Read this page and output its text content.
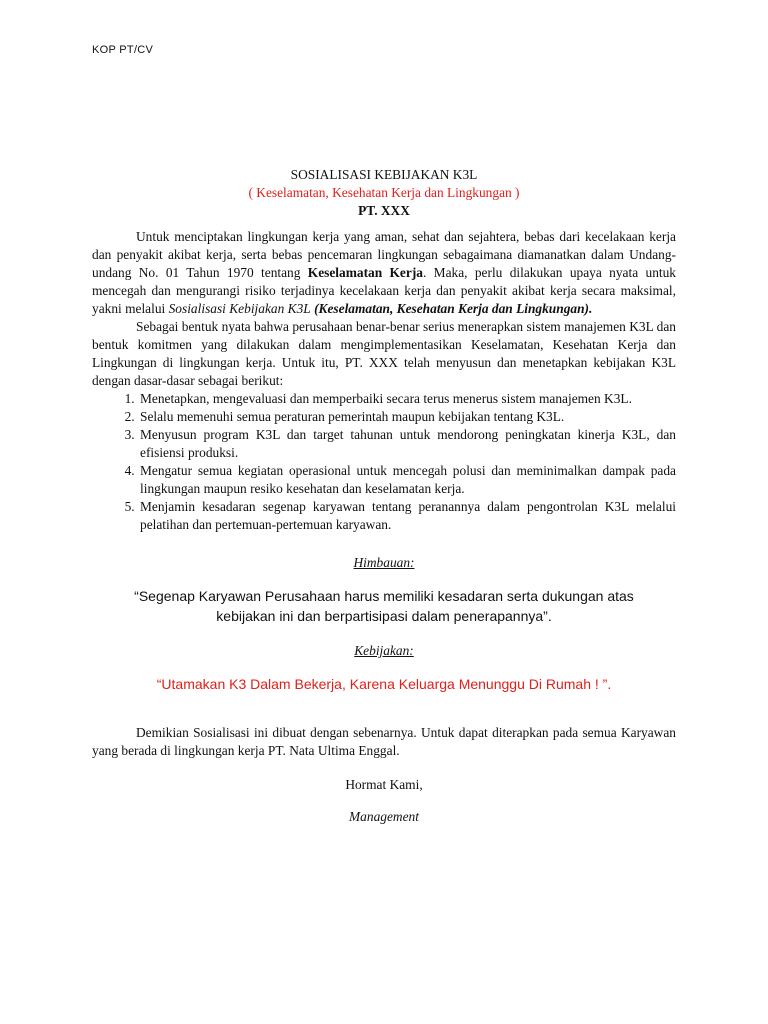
KOP PT/CV
SOSIALISASI KEBIJAKAN K3L
( Keselamatan, Kesehatan Kerja dan Lingkungan )
PT. XXX

Untuk menciptakan lingkungan kerja yang aman, sehat dan sejahtera, bebas dari kecelakaan kerja dan penyakit akibat kerja, serta bebas pencemaran lingkungan sebagaimana diamanatkan dalam Undang-undang No. 01 Tahun 1970 tentang Keselamatan Kerja. Maka, perlu dilakukan upaya nyata untuk mencegah dan mengurangi risiko terjadinya kecelakaan kerja dan penyakit akibat kerja secara maksimal, yakni melalui Sosialisasi Kebijakan K3L (Keselamatan, Kesehatan Kerja dan Lingkungan).

Sebagai bentuk nyata bahwa perusahaan benar-benar serius menerapkan sistem manajemen K3L dan bentuk komitmen yang dilakukan dalam mengimplementasikan Keselamatan, Kesehatan Kerja dan Lingkungan di lingkungan kerja. Untuk itu, PT. XXX telah menyusun dan menetapkan kebijakan K3L dengan dasar-dasar sebagai berikut:

1. Menetapkan, mengevaluasi dan memperbaiki secara terus menerus sistem manajemen K3L.
2. Selalu memenuhi semua peraturan pemerintah maupun kebijakan tentang K3L.
3. Menyusun program K3L dan target tahunan untuk mendorong peningkatan kinerja K3L, dan efisiensi produksi.
4. Mengatur semua kegiatan operasional untuk mencegah polusi dan meminimalkan dampak pada lingkungan maupun resiko kesehatan dan keselamatan kerja.
5. Menjamin kesadaran segenap karyawan tentang peranannya dalam pengontrolan K3L melalui pelatihan dan pertemuan-pertemuan karyawan.
Himbauan:
“Segenap Karyawan Perusahaan harus memiliki kesadaran serta dukungan atas kebijakan ini dan berpartisipasi dalam penerapannya”.
Kebijakan:
“Utamakan K3 Dalam Bekerja, Karena Keluarga Menunggu Di Rumah ! ”.

Demikian Sosialisasi ini dibuat dengan sebenarnya. Untuk dapat diterapkan pada semua Karyawan yang berada di lingkungan kerja PT. Nata Ultima Enggal.

Hormat Kami,
Management
